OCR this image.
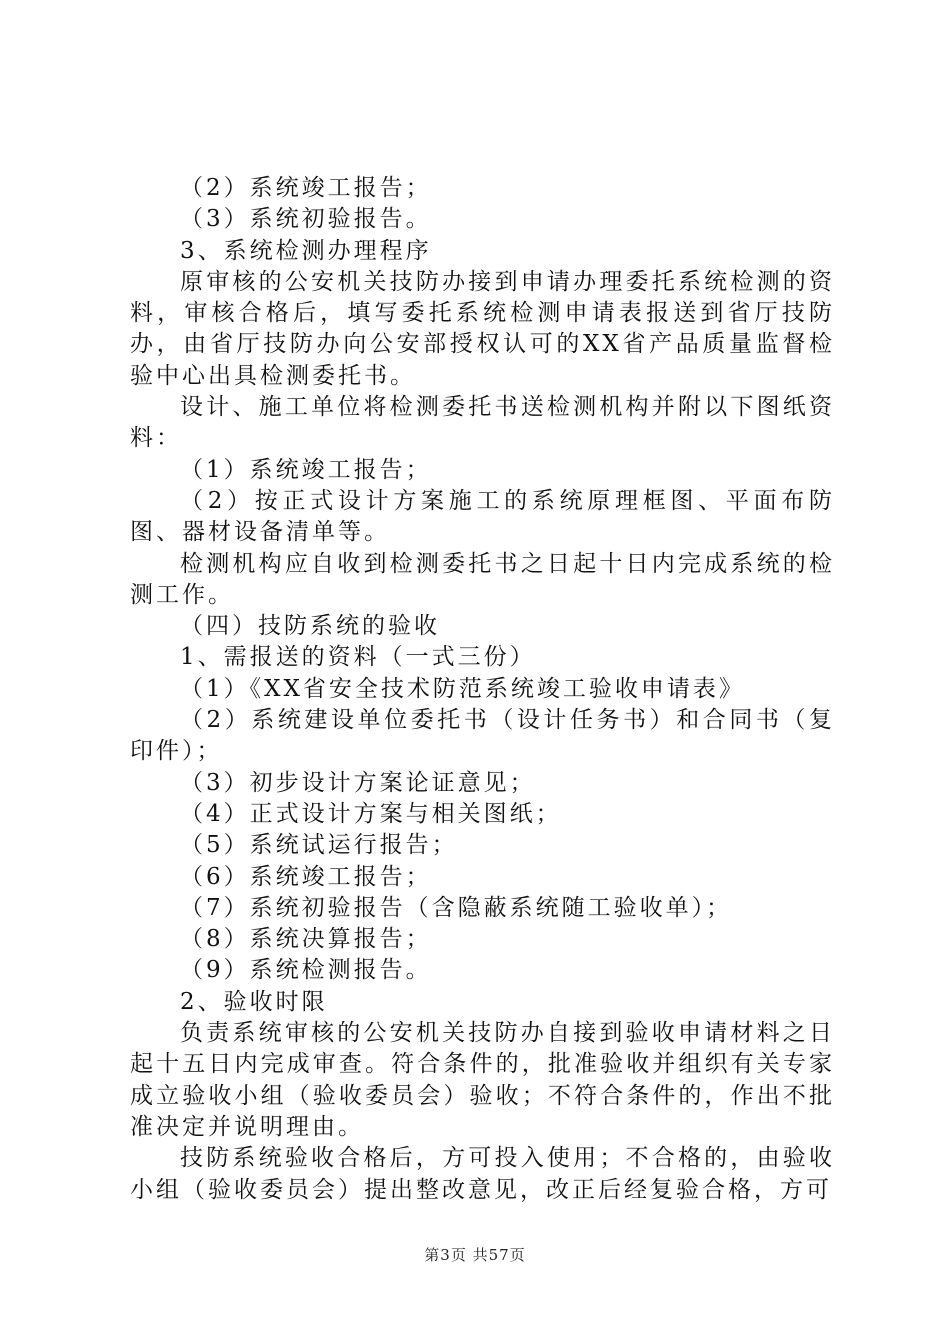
（2）系统竣工报告；

（3）系统初验报告。

3、系统检测办理程序

原审核的公安机关技防办接到申请办理委托系统检测的资料，审核合格后，填写委托系统检测申请表报送到省厅技防办，由省厅技防办向公安部授权认可的XX省产品质量监督检验中心出具检测委托书。

设计、施工单位将检测委托书送检测机构并附以下图纸资料：

（1）系统竣工报告；

（2）按正式设计方案施工的系统原理框图、平面布防图、器材设备清单等。

检测机构应自收到检测委托书之日起十日内完成系统的检测工作。

（四）技防系统的验收

1、需报送的资料（一式三份）

（1）《XX省安全技术防范系统竣工验收申请表》

（2）系统建设单位委托书（设计任务书）和合同书（复印件）；

（3）初步设计方案论证意见；

（4）正式设计方案与相关图纸；

（5）系统试运行报告；

（6）系统竣工报告；

（7）系统初验报告（含隐蔽系统随工验收单）；

（8）系统决算报告；

（9）系统检测报告。

2、验收时限

负责系统审核的公安机关技防办自接到验收申请材料之日起十五日内完成审查。符合条件的，批准验收并组织有关专家成立验收小组（验收委员会）验收；不符合条件的，作出不批准决定并说明理由。

技防系统验收合格后，方可投入使用；不合格的，由验收小组（验收委员会）提出整改意见，改正后经复验合格，方可

第3页 共57页
